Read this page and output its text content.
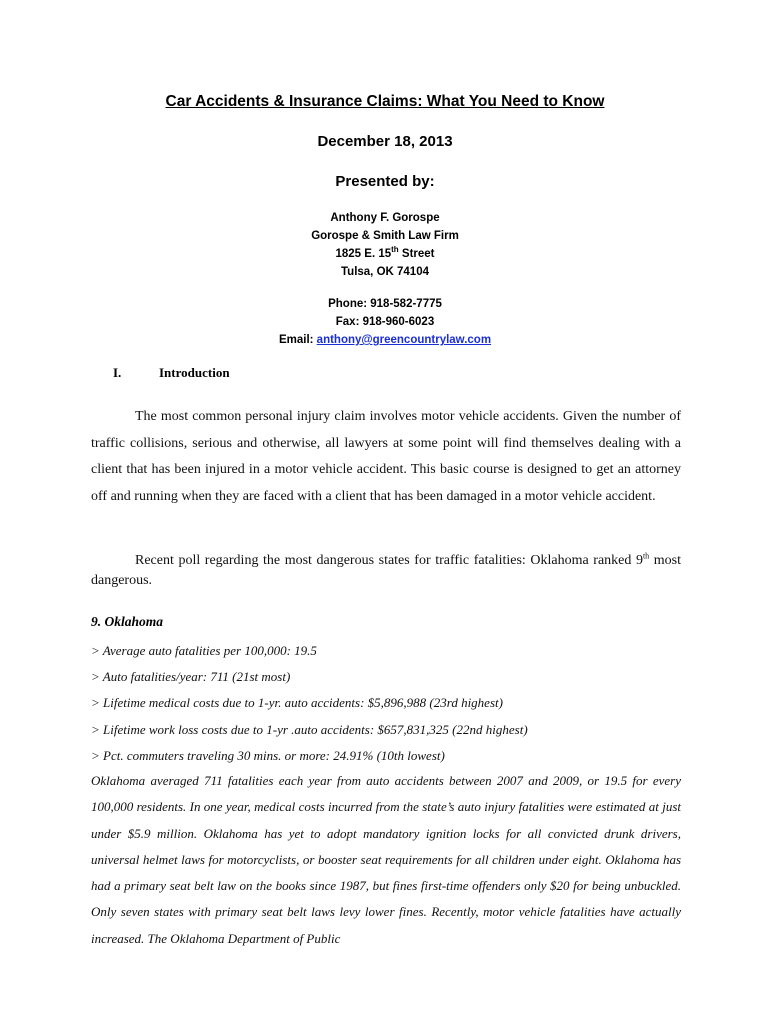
Car Accidents & Insurance Claims: What You Need to Know
December 18, 2013
Presented by:
Anthony F. Gorospe
Gorospe & Smith Law Firm
1825 E. 15th Street
Tulsa, OK 74104
Phone: 918-582-7775
Fax: 918-960-6023
Email: anthony@greencountrylaw.com
I.	Introduction
The most common personal injury claim involves motor vehicle accidents. Given the number of traffic collisions, serious and otherwise, all lawyers at some point will find themselves dealing with a client that has been injured in a motor vehicle accident. This basic course is designed to get an attorney off and running when they are faced with a client that has been damaged in a motor vehicle accident.
Recent poll regarding the most dangerous states for traffic fatalities: Oklahoma ranked 9th most dangerous.
9. Oklahoma
> Average auto fatalities per 100,000: 19.5
> Auto fatalities/year: 711 (21st most)
> Lifetime medical costs due to 1-yr. auto accidents: $5,896,988 (23rd highest)
> Lifetime work loss costs due to 1-yr .auto accidents: $657,831,325 (22nd highest)
> Pct. commuters traveling 30 mins. or more: 24.91% (10th lowest)
Oklahoma averaged 711 fatalities each year from auto accidents between 2007 and 2009, or 19.5 for every 100,000 residents. In one year, medical costs incurred from the state’s auto injury fatalities were estimated at just under $5.9 million. Oklahoma has yet to adopt mandatory ignition locks for all convicted drunk drivers, universal helmet laws for motorcyclists, or booster seat requirements for all children under eight. Oklahoma has had a primary seat belt law on the books since 1987, but fines first-time offenders only $20 for being unbuckled. Only seven states with primary seat belt laws levy lower fines. Recently, motor vehicle fatalities have actually increased. The Oklahoma Department of Public
